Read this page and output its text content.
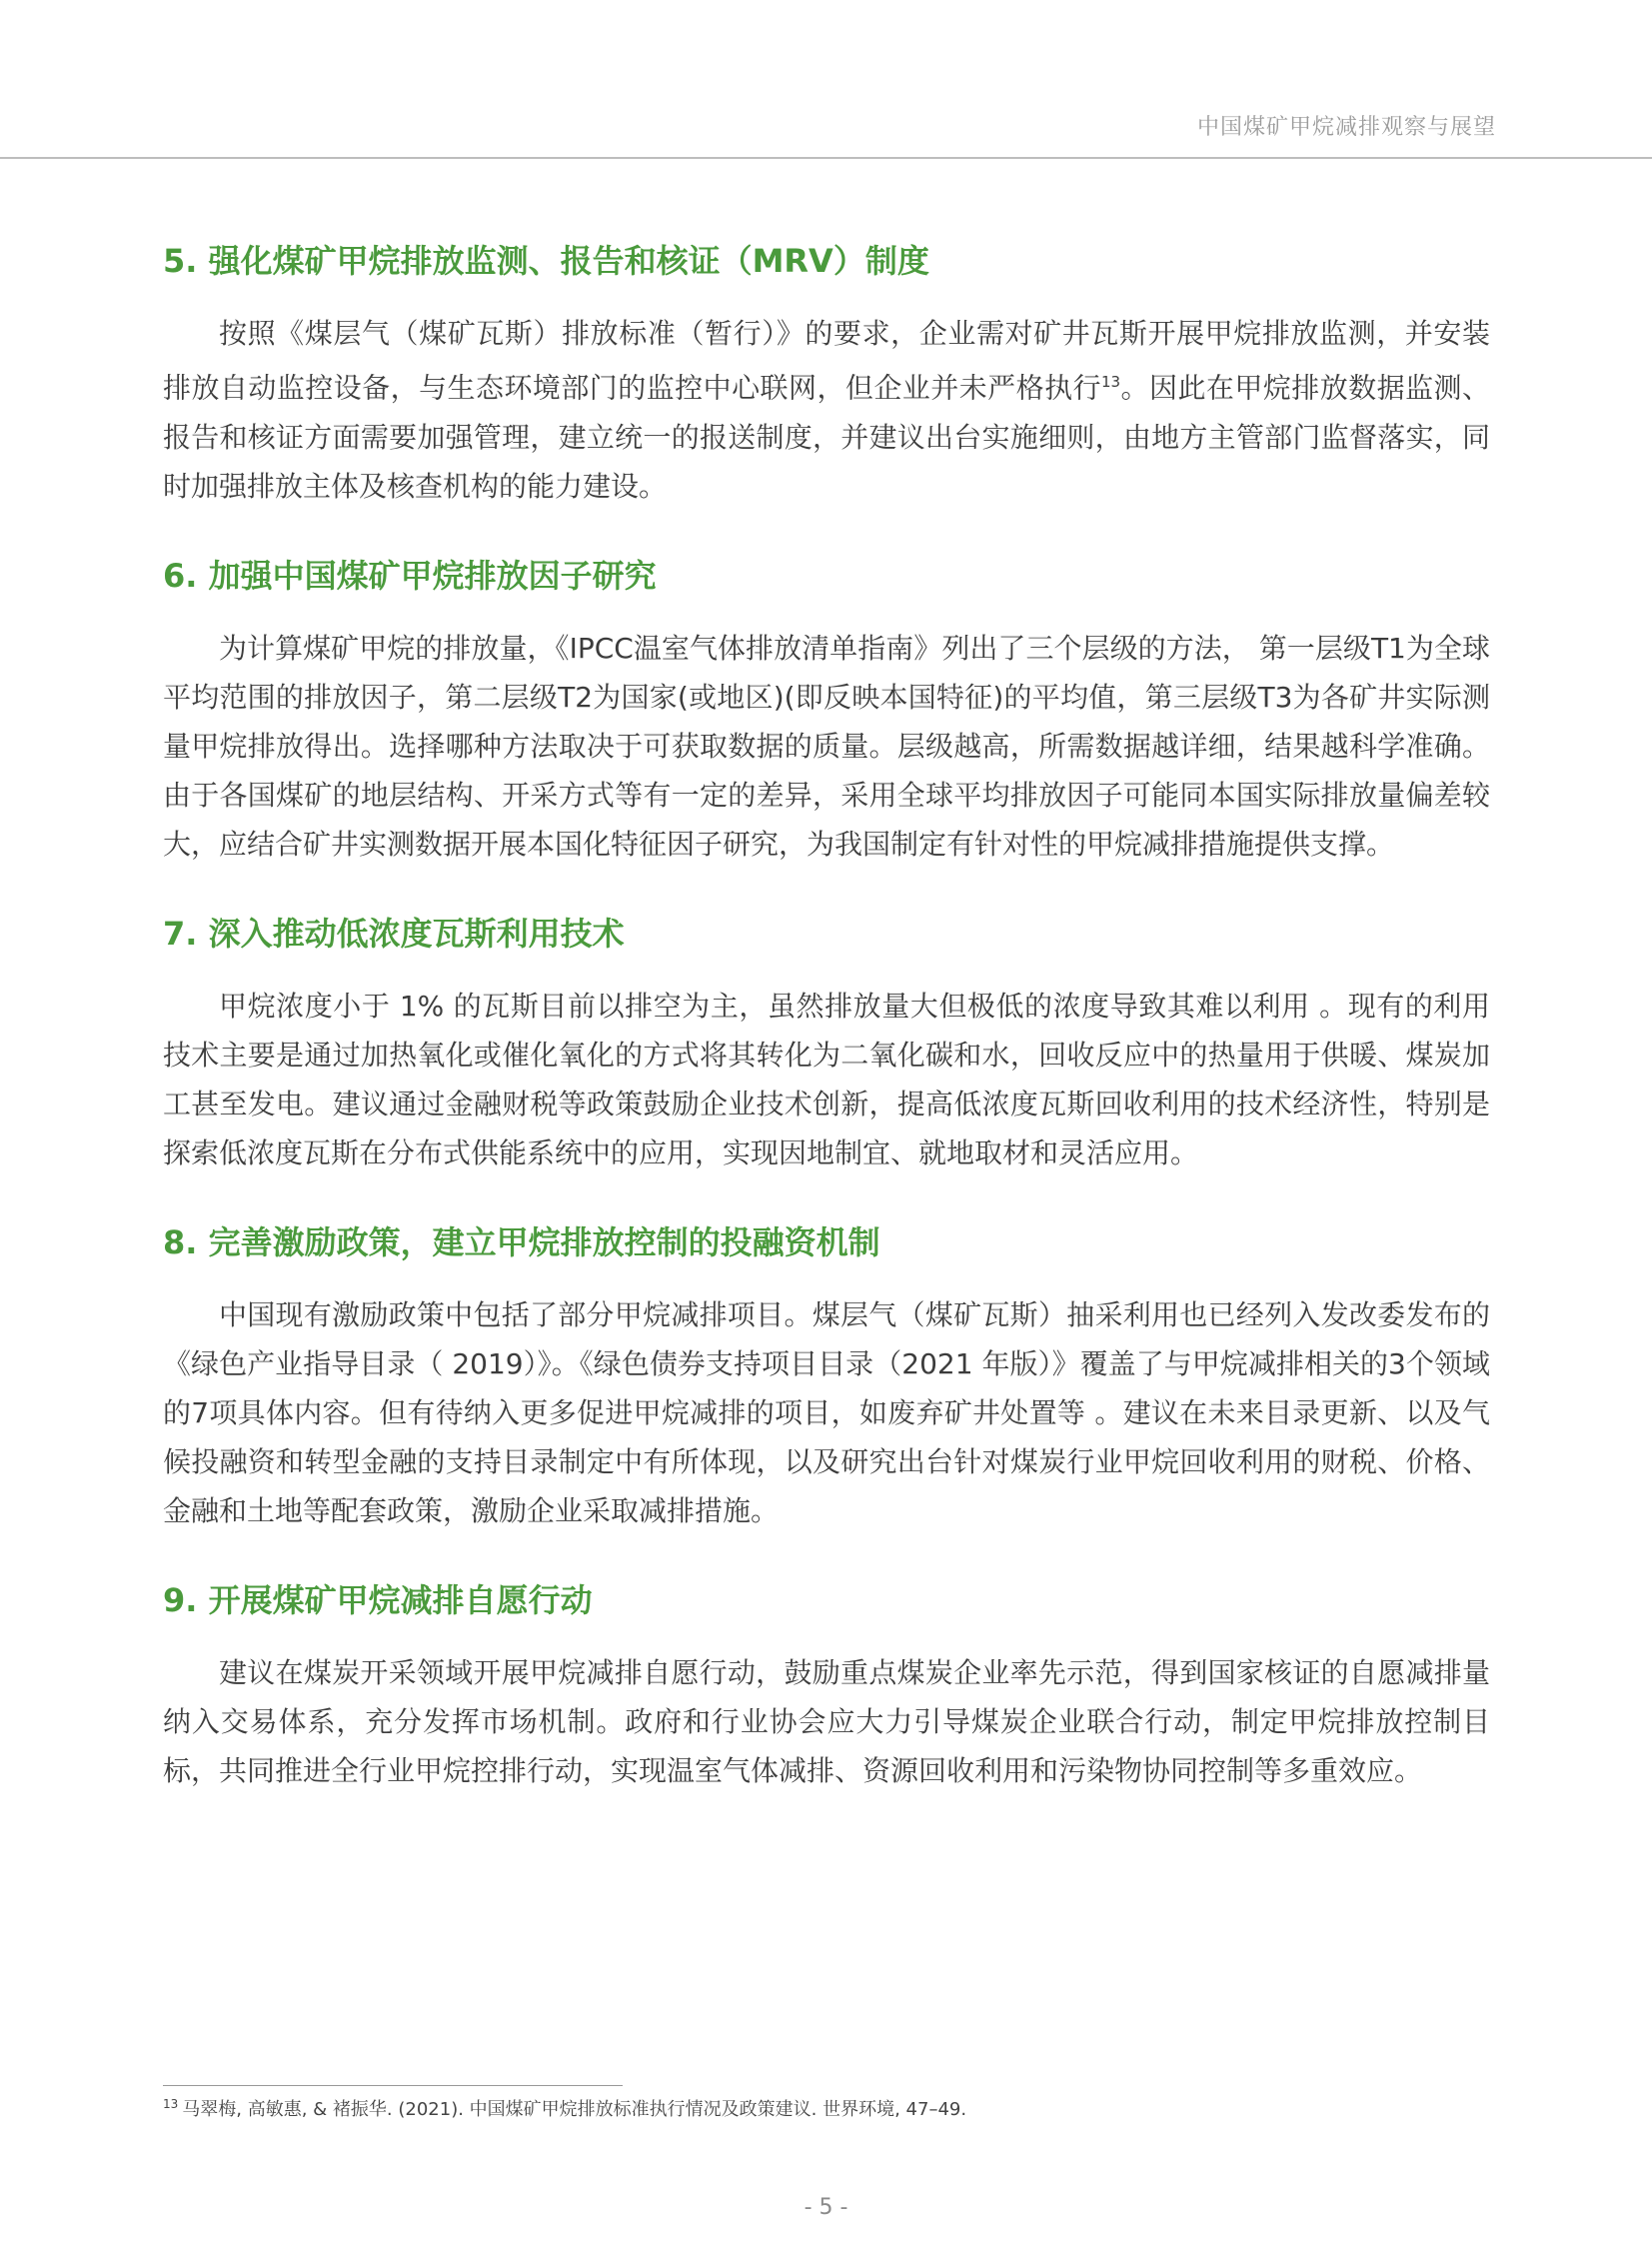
中国煤矿甲烷减排观察与展望
5. 强化煤矿甲烷排放监测、报告和核证（MRV）制度

按照《煤层气（煤矿瓦斯）排放标准（暂行）》的要求，企业需对矿井瓦斯开展甲烷排放监测，并安装排放自动监控设备，与生态环境部门的监控中心联网，但企业并未严格执行$^{13}$。因此在甲烷排放数据监测、报告和核证方面需要加强管理，建立统一的报送制度，并建议出台实施细则，由地方主管部门监督落实，同时加强排放主体及核查机构的能力建设。

6. 加强中国煤矿甲烷排放因子研究

为计算煤矿甲烷的排放量，《IPCC温室气体排放清单指南》列出了三个层级的方法， 第一层级T1为全球平均范围的排放因子，第二层级T2为国家(或地区)(即反映本国特征)的平均值，第三层级T3为各矿井实际测量甲烷排放得出。选择哪种方法取决于可获取数据的质量。层级越高，所需数据越详细，结果越科学准确。由于各国煤矿的地层结构、开采方式等有一定的差异，采用全球平均排放因子可能同本国实际排放量偏差较大，应结合矿井实测数据开展本国化特征因子研究，为我国制定有针对性的甲烷减排措施提供支撑。

7. 深入推动低浓度瓦斯利用技术

甲烷浓度小于 1% 的瓦斯目前以排空为主，虽然排放量大但极低的浓度导致其难以利用 。现有的利用技术主要是通过加热氧化或催化氧化的方式将其转化为二氧化碳和水，回收反应中的热量用于供暖、煤炭加工甚至发电。建议通过金融财税等政策鼓励企业技术创新，提高低浓度瓦斯回收利用的技术经济性，特别是探索低浓度瓦斯在分布式供能系统中的应用，实现因地制宜、就地取材和灵活应用。

8. 完善激励政策，建立甲烷排放控制的投融资机制

中国现有激励政策中包括了部分甲烷减排项目。煤层气（煤矿瓦斯）抽采利用也已经列入发改委发布的《绿色产业指导目录（ 2019）》。《绿色债券支持项目目录（2021 年版）》覆盖了与甲烷减排相关的3个领域的7项具体内容。但有待纳入更多促进甲烷减排的项目，如废弃矿井处置等 。建议在未来目录更新、以及气候投融资和转型金融的支持目录制定中有所体现，以及研究出台针对煤炭行业甲烷回收利用的财税、价格、金融和土地等配套政策，激励企业采取减排措施。

9. 开展煤矿甲烷减排自愿行动

建议在煤炭开采领域开展甲烷减排自愿行动，鼓励重点煤炭企业率先示范，得到国家核证的自愿减排量纳入交易体系，充分发挥市场机制。政府和行业协会应大力引导煤炭企业联合行动，制定甲烷排放控制目标，共同推进全行业甲烷控排行动，实现温室气体减排、资源回收利用和污染物协同控制等多重效应。

$^{13}$ 马翠梅, 高敏惠, & 褚振华. (2021). 中国煤矿甲烷排放标准执行情况及政策建议. 世界环境, 47–49.
- 5 -
